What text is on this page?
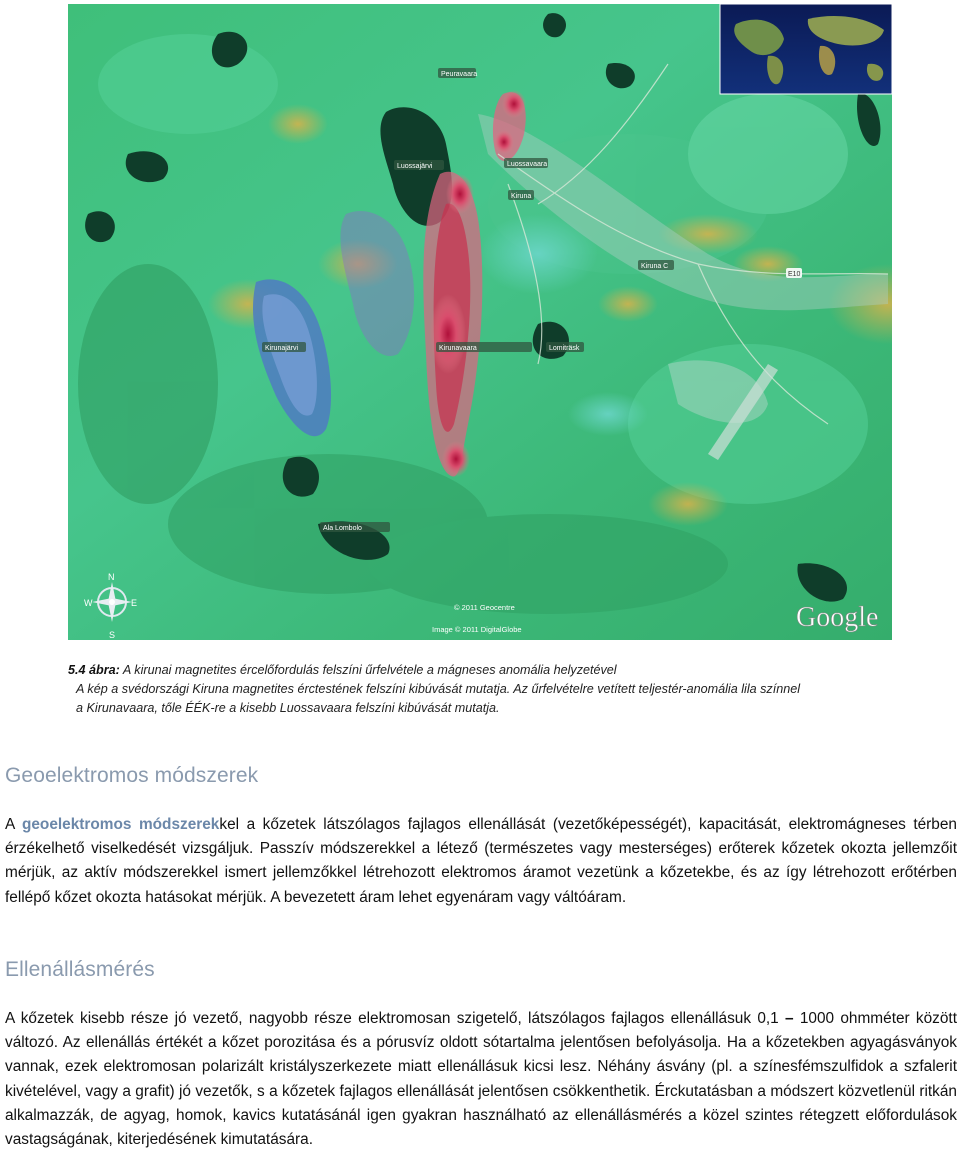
Peuravaara
Luossajärvi	Luossavaara
Kiruna
Kiruna C
E10
Kirunajärvi	Kirunavaara	Lomiträsk
Ala Lombolo
© 2011 Geocentre
Image © 2011 DigitalGlobe
N
E
S
W	Google
5.4 ábra: A kirunai magnetites ércelőfordulás felszíni űrfelvétele a mágneses anomália helyzetével
A kép a svédországi Kiruna magnetites érctestének felszíni kibúvását mutatja. Az űrfelvételre vetített teljestér-anomália lila színnel
a Kirunavaara, tőle ÉÉK-re a kisebb Luossavaara felszíni kibúvását mutatja.
Geoelektromos módszerek

A geoelektromos módszerekkel a kőzetek látszólagos fajlagos ellenállását (vezetőképességét), kapacitását, elektromágneses térben érzékelhető viselkedését vizsgáljuk. Passzív módszerekkel a létező (természetes vagy mesterséges) erőterek kőzetek okozta jellemzőit mérjük, az aktív módszerekkel ismert jellemzőkkel létrehozott elektromos áramot vezetünk a kőzetekbe, és az így létrehozott erőtérben fellépő kőzet okozta hatásokat mérjük. A bevezetett áram lehet egyenáram vagy váltóáram.

Ellenállásmérés

A kőzetek kisebb része jó vezető, nagyobb része elektromosan szigetelő, látszólagos fajlagos ellenállásuk 0,1 – 1000 ohmméter között változó. Az ellenállás értékét a kőzet porozitása és a pórusvíz oldott sótartalma jelentősen befolyásolja. Ha a kőzetekben agyagásványok vannak, ezek elektromosan polarizált kristályszerkezete miatt ellenállásuk kicsi lesz. Néhány ásvány (pl. a színesfémszulfidok a szfalerit kivételével, vagy a grafit) jó vezetők, s a kőzetek fajlagos ellenállását jelentősen csökkenthetik. Érckutatásban a módszert közvetlenül ritkán alkalmazzák, de agyag, homok, kavics kutatásánál igen gyakran használható az ellenállásmérés a közel szintes rétegzett előfordulások vastagságának, kiterjedésének kimutatására.
